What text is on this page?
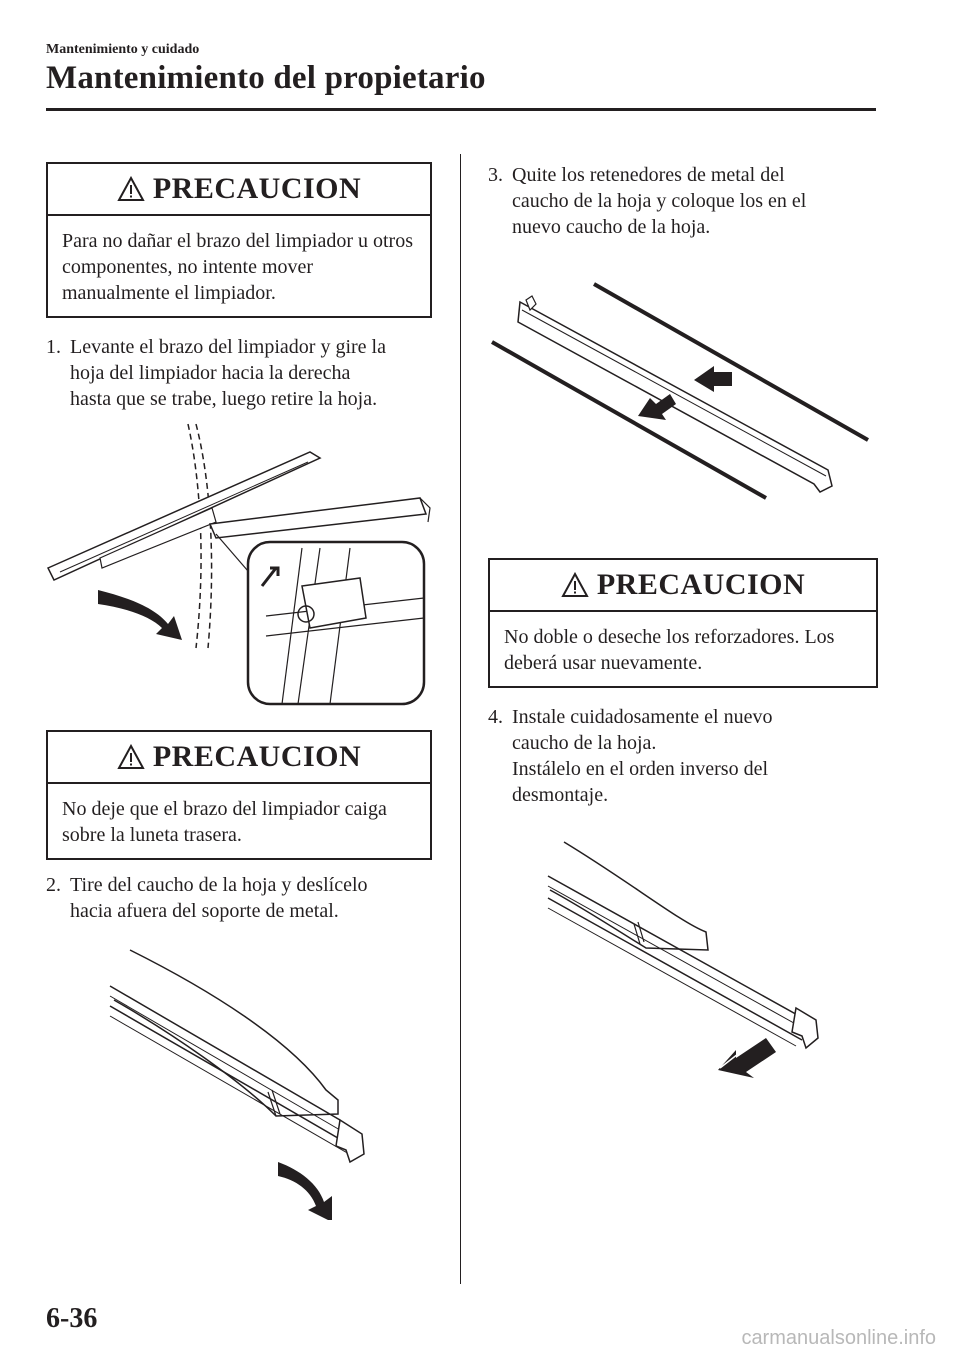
Mantenimiento y cuidado
Mantenimiento del propietario
PRECAUCION
Para no dañar el brazo del limpiador u otros componentes, no intente mover manualmente el limpiador.
1. Levante el brazo del limpiador y gire la
hoja del limpiador hacia la derecha
hasta que se trabe, luego retire la hoja.
PRECAUCION
No deje que el brazo del limpiador caiga sobre la luneta trasera.
2. Tire del caucho de la hoja y deslícelo
hacia afuera del soporte de metal.
3. Quite los retenedores de metal del
caucho de la hoja y coloque los en el
nuevo caucho de la hoja.
PRECAUCION
No doble o deseche los reforzadores. Los deberá usar nuevamente.
4. Instale cuidadosamente el nuevo
caucho de la hoja.
Instálelo en el orden inverso del
desmontaje.
6-36
carmanualsonline.info
